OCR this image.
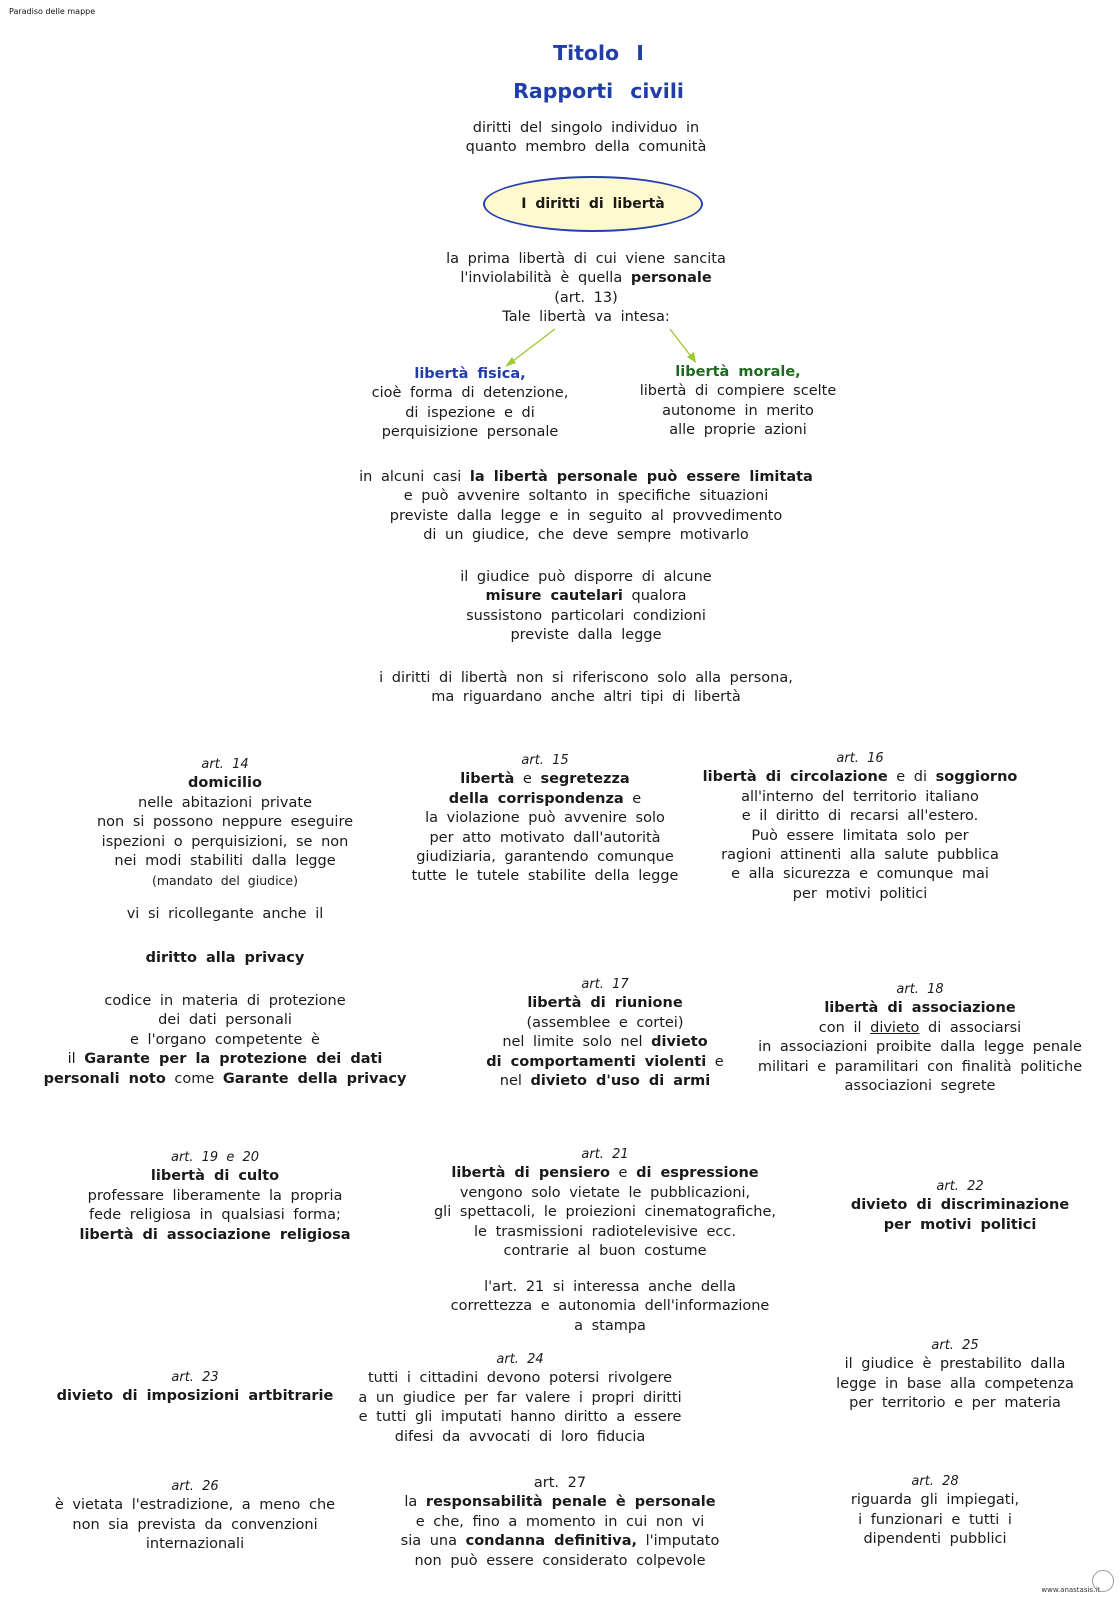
Paradiso delle mappe
Titolo I
Rapporti civili
diritti del singolo individuo in
quanto membro della comunità
I diritti di libertà
la prima libertà di cui viene sancita
l'inviolabilità è quella personale
(art. 13)
Tale libertà va intesa:
libertà fisica,
cioè forma di detenzione,
di ispezione e di
perquisizione personale
libertà morale,
libertà di compiere scelte
autonome in merito
alle proprie azioni
in alcuni casi la libertà personale può essere limitata
e può avvenire soltanto in specifiche situazioni
previste dalla legge e in seguito al provvedimento
di un giudice, che deve sempre motivarlo
il giudice può disporre di alcune
misure cautelari qualora
sussistono particolari condizioni
previste dalla legge
i diritti di libertà non si riferiscono solo alla persona,
ma riguardano anche altri tipi di libertà
art. 14
domicilio
nelle abitazioni private
non si possono neppure eseguire
ispezioni o perquisizioni, se non
nei modi stabiliti dalla legge
(mandato del giudice)
vi si ricollegante anche il
diritto alla privacy
codice in materia di protezione
dei dati personali
e l'organo competente è
il Garante per la protezione dei dati
personali noto come Garante della privacy
art. 15
libertà e segretezza
della corrispondenza e
la violazione può avvenire solo
per atto motivato dall'autorità
giudiziaria, garantendo comunque
tutte le tutele stabilite della legge
art. 16
libertà di circolazione e di soggiorno
all'interno del territorio italiano
e il diritto di recarsi all'estero.
Può essere limitata solo per
ragioni attinenti alla salute pubblica
e alla sicurezza e comunque mai
per motivi politici
art. 17
libertà di riunione
(assemblee e cortei)
nel limite solo nel divieto
di comportamenti violenti e
nel divieto d'uso di armi
art. 18
libertà di associazione
con il divieto di associarsi
in associazioni proibite dalla legge penale
militari e paramilitari con finalità politiche
associazioni segrete
art. 19 e 20
libertà di culto
professare liberamente la propria
fede religiosa in qualsiasi forma;
libertà di associazione religiosa
art. 21
libertà di pensiero e di espressione
vengono solo vietate le pubblicazioni,
gli spettacoli, le proiezioni cinematografiche,
le trasmissioni radiotelevisive ecc.
contrarie al buon costume
l'art. 21 si interessa anche della
correttezza e autonomia dell'informazione
a stampa
art. 22
divieto di discriminazione
per motivi politici
art. 23
divieto di imposizioni artbitrarie
art. 24
tutti i cittadini devono potersi rivolgere
a un giudice per far valere i propri diritti
e tutti gli imputati hanno diritto a essere
difesi da avvocati di loro fiducia
art. 25
il giudice è prestabilito dalla
legge in base alla competenza
per territorio e per materia
art. 26
è vietata l'estradizione, a meno che
non sia prevista da convenzioni
internazionali
art. 27
la responsabilità penale è personale
e che, fino a momento in cui non vi
sia una condanna definitiva, l'imputato
non può essere considerato colpevole
art. 28
riguarda gli impiegati,
i funzionari e tutti i
dipendenti pubblici
www.anastasis.it
